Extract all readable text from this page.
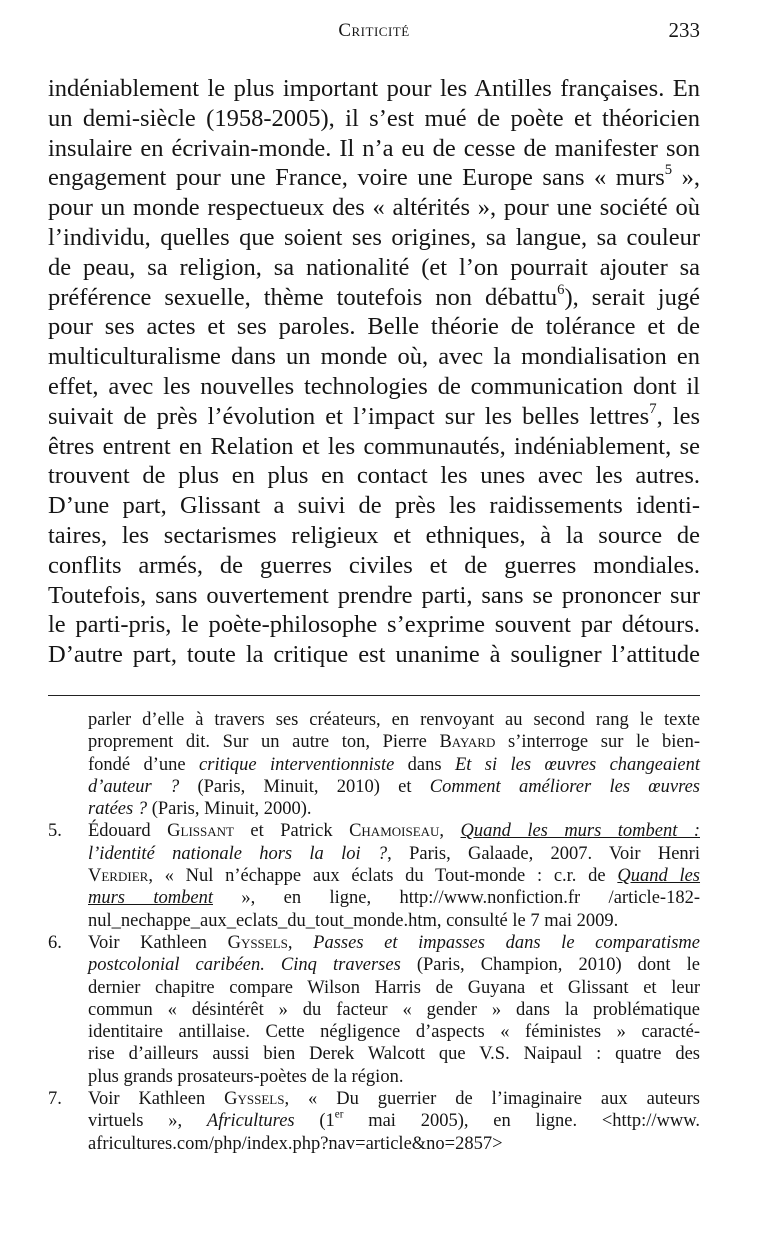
Criticité	233
indéniablement le plus important pour les Antilles françaises. En
un demi-siècle (1958-2005), il s’est mué de poète et théoricien
insulaire en écrivain-monde. Il n’a eu de cesse de manifester son
engagement pour une France, voire une Europe sans « murs$^5$ »,
pour un monde respectueux des « altérités », pour une société où
l’individu, quelles que soient ses origines, sa langue, sa couleur
de peau, sa religion, sa nationalité (et l’on pourrait ajouter sa
préférence sexuelle, thème toutefois non débattu$^6$), serait jugé
pour ses actes et ses paroles. Belle théorie de tolérance et de
multiculturalisme dans un monde où, avec la mondialisation en
effet, avec les nouvelles technologies de communication dont il
suivait de près l’évolution et l’impact sur les belles lettres$^7$, les
êtres entrent en Relation et les communautés, indéniablement, se
trouvent de plus en plus en contact les unes avec les autres.
D’une part, Glissant a suivi de près les raidissements identi-
taires, les sectarismes religieux et ethniques, à la source de
conflits armés, de guerres civiles et de guerres mondiales.
Toutefois, sans ouvertement prendre parti, sans se prononcer sur
le parti-pris, le poète-philosophe s’exprime souvent par détours.
D’autre part, toute la critique est unanime à souligner l’attitude
parler d’elle à travers ses créateurs, en renvoyant au second rang le texte
proprement dit. Sur un autre ton, Pierre Bayard s’interroge sur le bien-
fondé d’une critique interventionniste dans Et si les œuvres changeaient
d’auteur ? (Paris, Minuit, 2010) et Comment améliorer les œuvres
ratées ? (Paris, Minuit, 2000).
5. Édouard Glissant et Patrick Chamoiseau, Quand les murs tombent :
l’identité nationale hors la loi ?, Paris, Galaade, 2007. Voir Henri
Verdier, « Nul n’échappe aux éclats du Tout-monde : c.r. de Quand les
murs tombent », en ligne, http://www.nonfiction.fr /article-182-
nul_nechappe_aux_eclats_du_tout_monde.htm, consulté le 7 mai 2009.
6. Voir Kathleen Gyssels, Passes et impasses dans le comparatisme
postcolonial caribéen. Cinq traverses (Paris, Champion, 2010) dont le
dernier chapitre compare Wilson Harris de Guyana et Glissant et leur
commun « désintérêt » du facteur « gender » dans la problématique
identitaire antillaise. Cette négligence d’aspects « féministes » caracté-
rise d’ailleurs aussi bien Derek Walcott que V.S. Naipaul : quatre des
plus grands prosateurs-poètes de la région.
7. Voir Kathleen Gyssels, « Du guerrier de l’imaginaire aux auteurs
virtuels », Africultures (1er mai 2005), en ligne. <http://www.
africultures.com/php/index.php?nav=article&no=2857>
